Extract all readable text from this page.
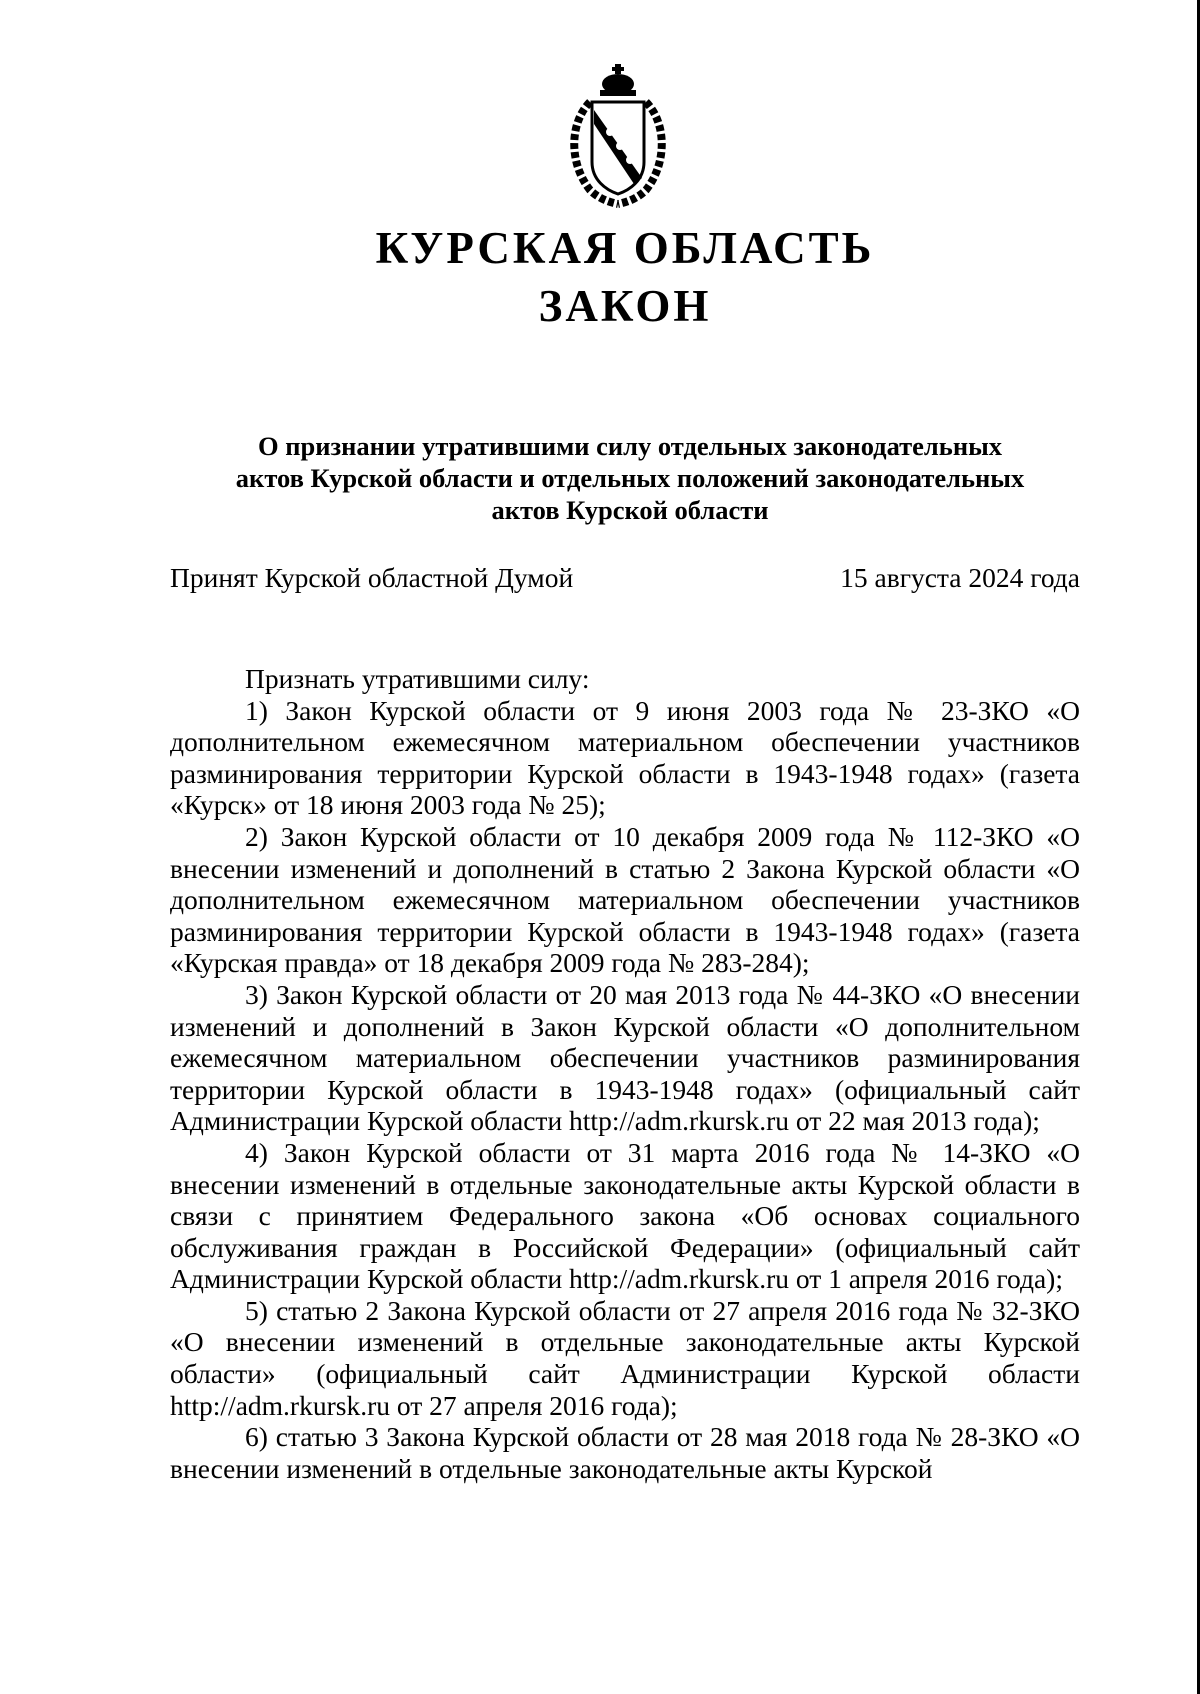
КУРСКАЯ ОБЛАСТЬ
ЗАКОН
О признании утратившими силу отдельных законодательных
актов Курской области и отдельных положений законодательных
актов Курской области
Принят Курской областной Думой	15 августа 2024 года

Признать утратившими силу:

1) Закон Курской области от 9 июня 2003 года № 23-ЗКО «О дополнительном ежемесячном материальном обеспечении участников разминирования территории Курской области в 1943-1948 годах» (газета «Курск» от 18 июня 2003 года № 25);

2) Закон Курской области от 10 декабря 2009 года № 112-ЗКО «О внесении изменений и дополнений в статью 2 Закона Курской области «О дополнительном ежемесячном материальном обеспечении участников разминирования территории Курской области в 1943-1948 годах» (газета «Курская правда» от 18 декабря 2009 года № 283-284);

3) Закон Курской области от 20 мая 2013 года № 44-ЗКО «О внесении изменений и дополнений в Закон Курской области «О дополнительном ежемесячном материальном обеспечении участников разминирования территории Курской области в 1943-1948 годах» (официальный сайт Администрации Курской области http://adm.rkursk.ru от 22 мая 2013 года);

4) Закон Курской области от 31 марта 2016 года № 14-ЗКО «О внесении изменений в отдельные законодательные акты Курской области в связи с принятием Федерального закона «Об основах социального обслуживания граждан в Российской Федерации» (официальный сайт Администрации Курской области http://adm.rkursk.ru от 1 апреля 2016 года);

5) статью 2 Закона Курской области от 27 апреля 2016 года № 32-ЗКО «О внесении изменений в отдельные законодательные акты Курской области» (официальный сайт Администрации Курской области http://adm.rkursk.ru от 27 апреля 2016 года);

6) статью 3 Закона Курской области от 28 мая 2018 года № 28-ЗКО «О внесении изменений в отдельные законодательные акты Курской
